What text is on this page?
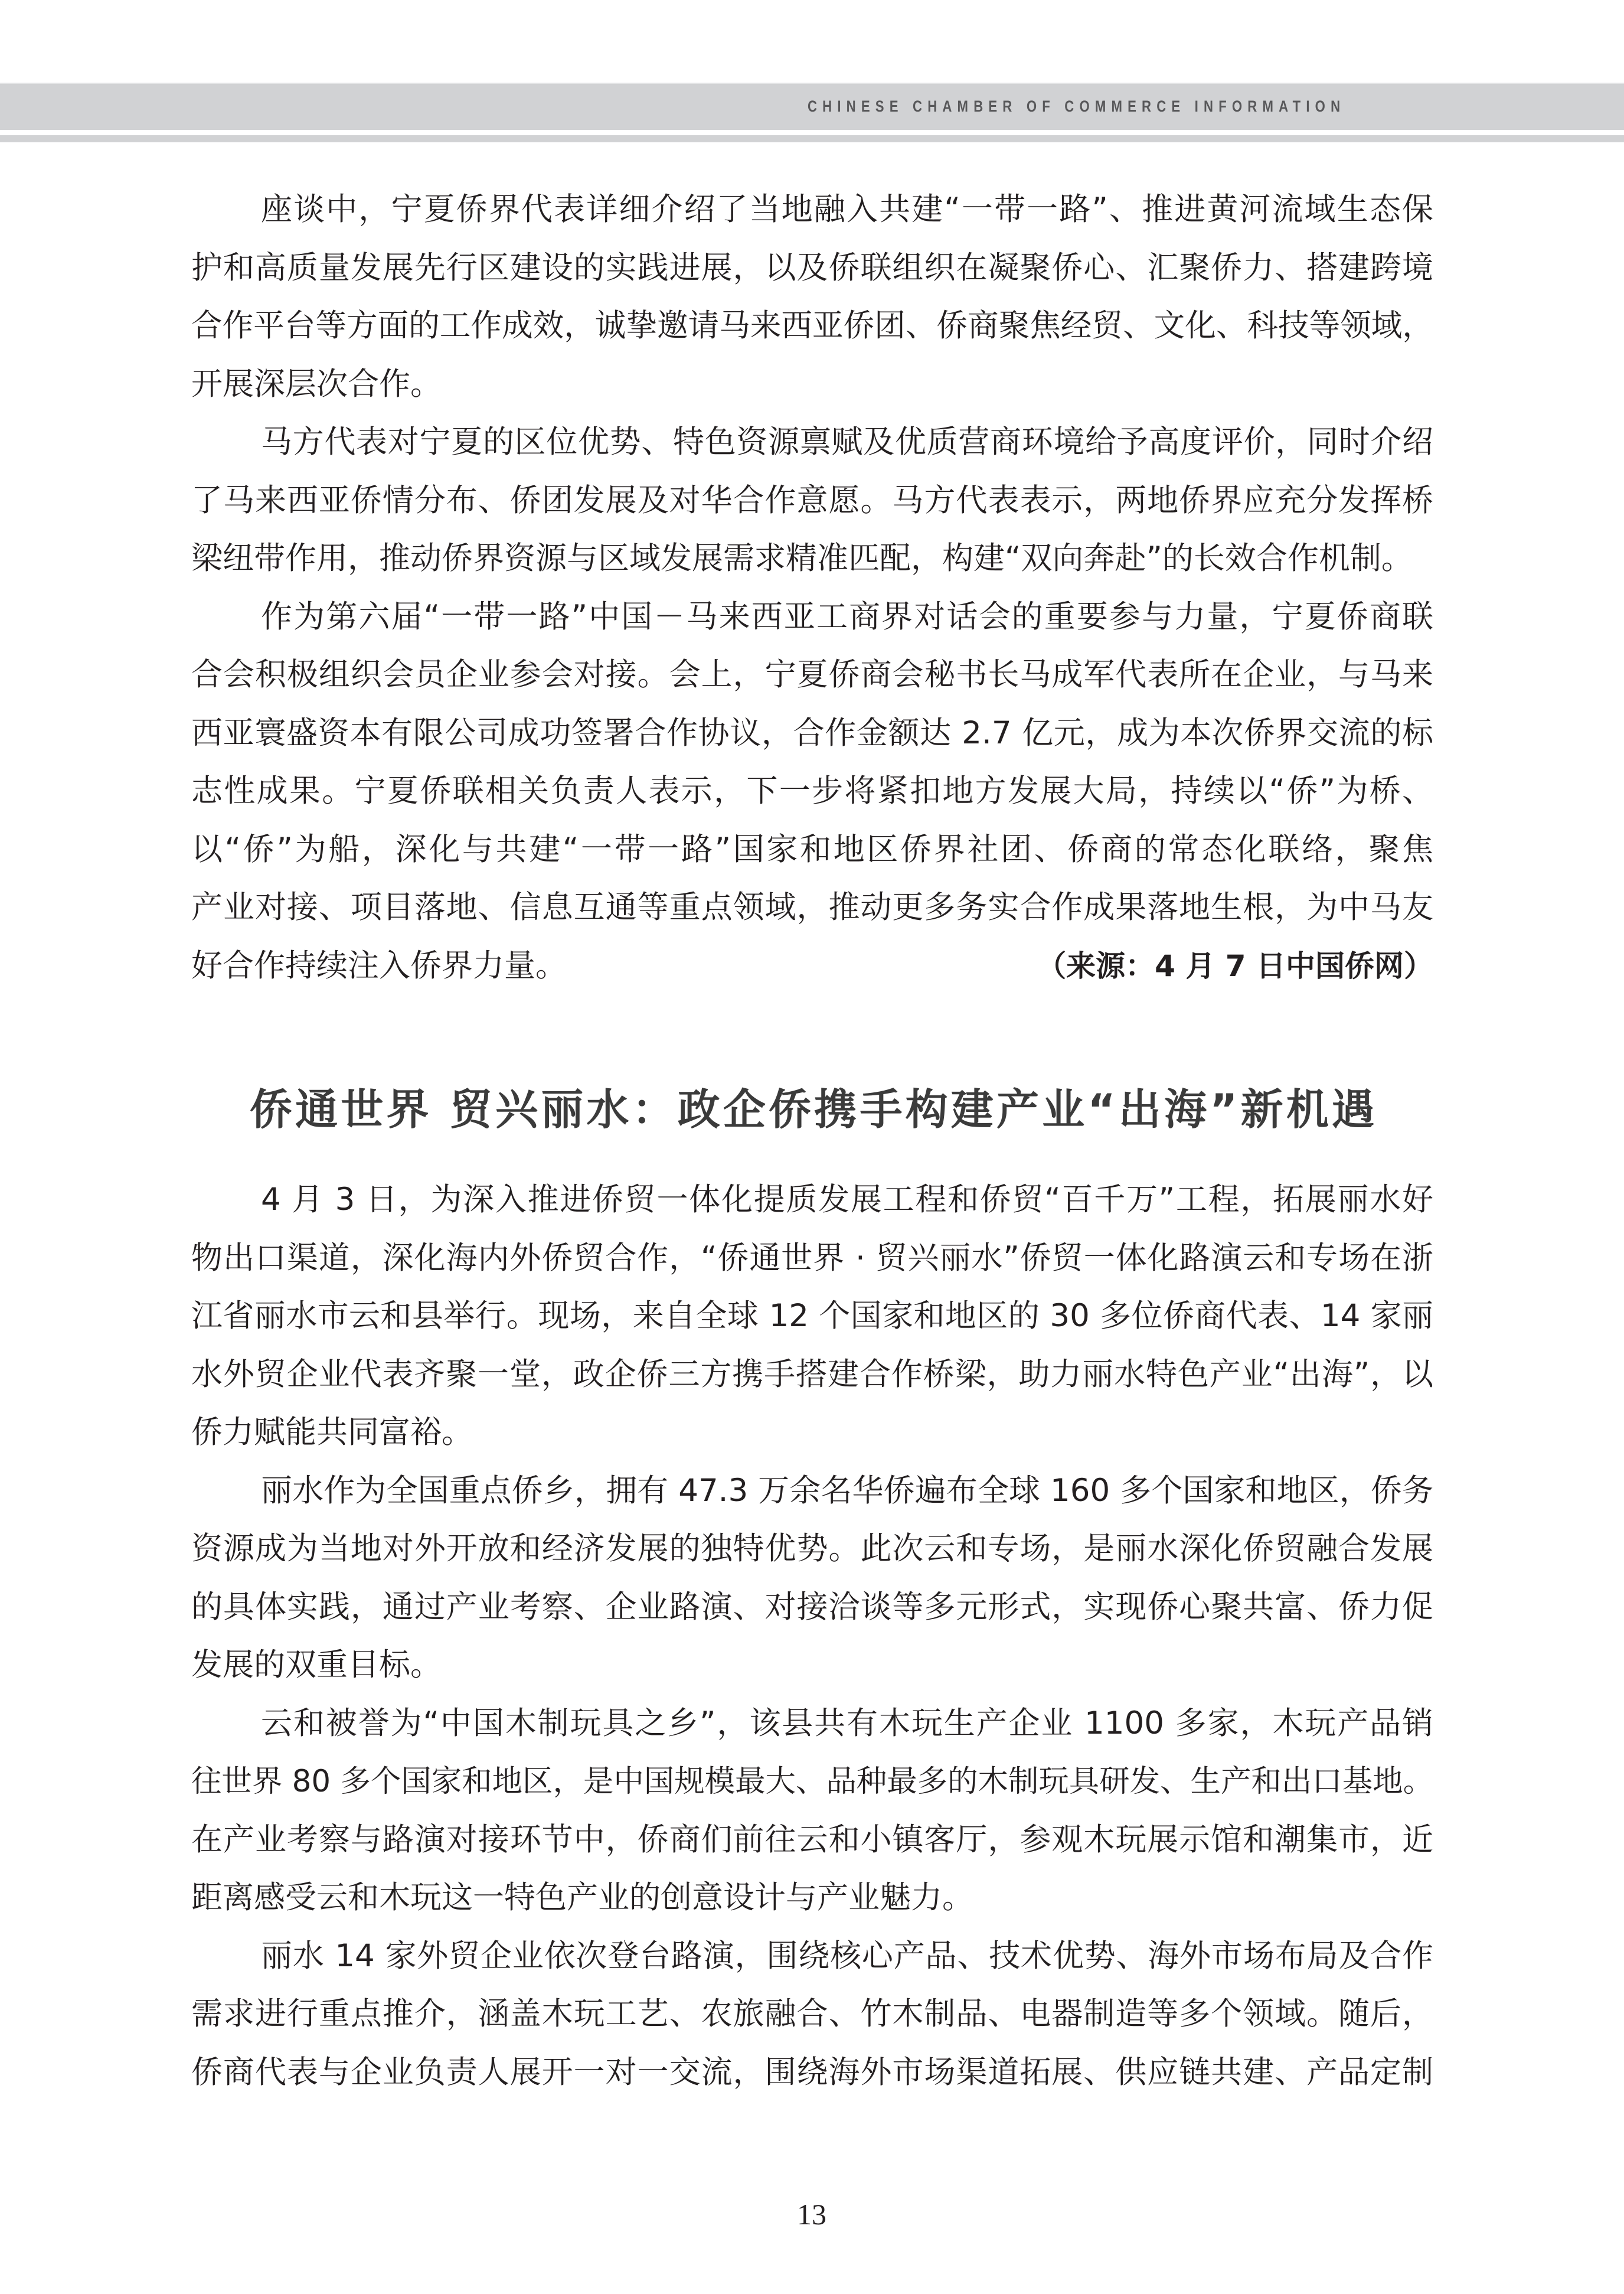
CHINESE CHAMBER OF COMMERCE INFORMATION
座谈中，宁夏侨界代表详细介绍了当地融入共建“一带一路”、推进黄河流域生态保
护和高质量发展先行区建设的实践进展，以及侨联组织在凝聚侨心、汇聚侨力、搭建跨境
合作平台等方面的工作成效，诚挚邀请马来西亚侨团、侨商聚焦经贸、文化、科技等领域，
开展深层次合作。
马方代表对宁夏的区位优势、特色资源禀赋及优质营商环境给予高度评价，同时介绍
了马来西亚侨情分布、侨团发展及对华合作意愿。马方代表表示，两地侨界应充分发挥桥
梁纽带作用，推动侨界资源与区域发展需求精准匹配，构建“双向奔赴”的长效合作机制。
作为第六届“一带一路”中国－马来西亚工商界对话会的重要参与力量，宁夏侨商联
合会积极组织会员企业参会对接。会上，宁夏侨商会秘书长马成军代表所在企业，与马来
西亚寰盛资本有限公司成功签署合作协议，合作金额达 2.7 亿元，成为本次侨界交流的标
志性成果。宁夏侨联相关负责人表示，下一步将紧扣地方发展大局，持续以“侨”为桥、
以“侨”为船，深化与共建“一带一路”国家和地区侨界社团、侨商的常态化联络，聚焦
产业对接、项目落地、信息互通等重点领域，推动更多务实合作成果落地生根，为中马友
好合作持续注入侨界力量。	（来源：4 月 7 日中国侨网）
侨通世界 贸兴丽水：政企侨携手构建产业“出海”新机遇
4 月 3 日，为深入推进侨贸一体化提质发展工程和侨贸“百千万”工程，拓展丽水好
物出口渠道，深化海内外侨贸合作，“侨通世界 · 贸兴丽水”侨贸一体化路演云和专场在浙
江省丽水市云和县举行。现场，来自全球 12 个国家和地区的 30 多位侨商代表、14 家丽
水外贸企业代表齐聚一堂，政企侨三方携手搭建合作桥梁，助力丽水特色产业“出海”，以
侨力赋能共同富裕。
丽水作为全国重点侨乡，拥有 47.3 万余名华侨遍布全球 160 多个国家和地区，侨务
资源成为当地对外开放和经济发展的独特优势。此次云和专场，是丽水深化侨贸融合发展
的具体实践，通过产业考察、企业路演、对接洽谈等多元形式，实现侨心聚共富、侨力促
发展的双重目标。
云和被誉为“中国木制玩具之乡”，该县共有木玩生产企业 1100 多家，木玩产品销
往世界 80 多个国家和地区，是中国规模最大、品种最多的木制玩具研发、生产和出口基地。
在产业考察与路演对接环节中，侨商们前往云和小镇客厅，参观木玩展示馆和潮集市，近
距离感受云和木玩这一特色产业的创意设计与产业魅力。
丽水 14 家外贸企业依次登台路演，围绕核心产品、技术优势、海外市场布局及合作
需求进行重点推介，涵盖木玩工艺、农旅融合、竹木制品、电器制造等多个领域。随后，
侨商代表与企业负责人展开一对一交流，围绕海外市场渠道拓展、供应链共建、产品定制
13
